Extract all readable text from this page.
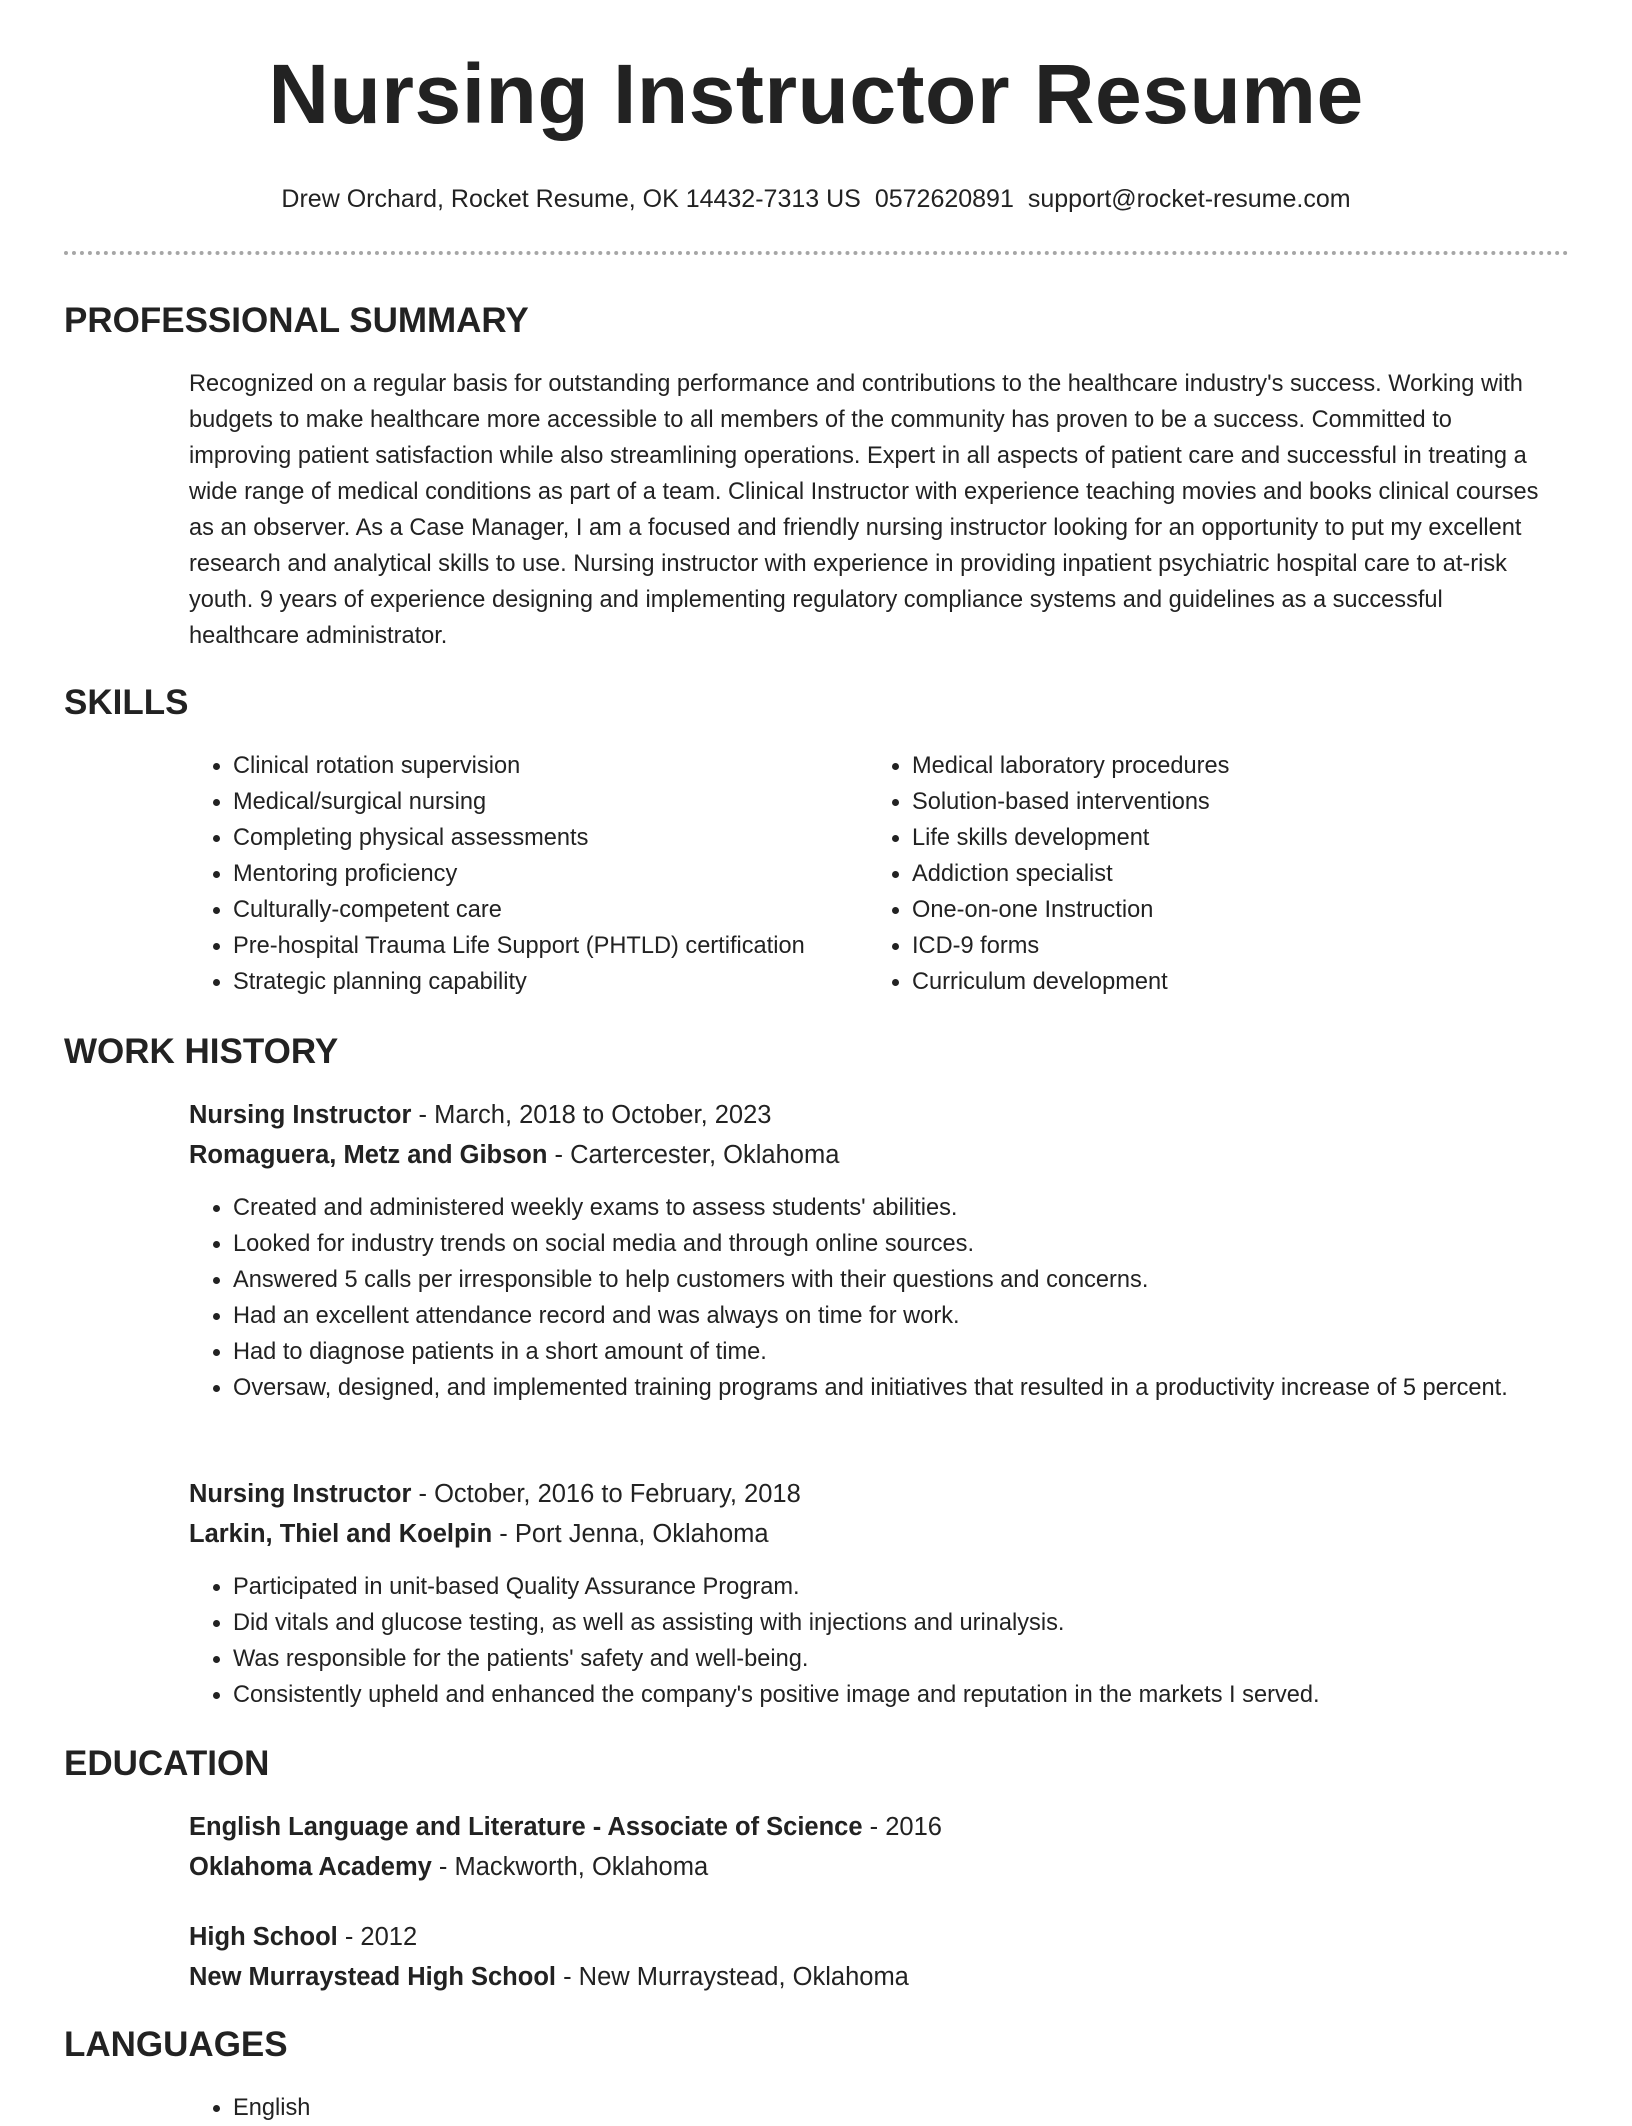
Nursing Instructor Resume
Drew Orchard, Rocket Resume, OK 14432-7313 US 0572620891 support@rocket-resume.com
PROFESSIONAL SUMMARY

Recognized on a regular basis for outstanding performance and contributions to the healthcare industry's success. Working with budgets to make healthcare more accessible to all members of the community has proven to be a success. Committed to improving patient satisfaction while also streamlining operations. Expert in all aspects of patient care and successful in treating a wide range of medical conditions as part of a team. Clinical Instructor with experience teaching movies and books clinical courses as an observer. As a Case Manager, I am a focused and friendly nursing instructor looking for an opportunity to put my excellent research and analytical skills to use. Nursing instructor with experience in providing inpatient psychiatric hospital care to at-risk youth. 9 years of experience designing and implementing regulatory compliance systems and guidelines as a successful healthcare administrator.

SKILLS
• Clinical rotation supervision
• Medical/surgical nursing
• Completing physical assessments
• Mentoring proficiency
• Culturally-competent care
• Pre-hospital Trauma Life Support (PHTLD) certification
• Strategic planning capability
• Medical laboratory procedures
• Solution-based interventions
• Life skills development
• Addiction specialist
• One-on-one Instruction
• ICD-9 forms
• Curriculum development
WORK HISTORY
Nursing Instructor - March, 2018 to October, 2023
Romaguera, Metz and Gibson - Cartercester, Oklahoma
• Created and administered weekly exams to assess students' abilities.
• Looked for industry trends on social media and through online sources.
• Answered 5 calls per irresponsible to help customers with their questions and concerns.
• Had an excellent attendance record and was always on time for work.
• Had to diagnose patients in a short amount of time.
• Oversaw, designed, and implemented training programs and initiatives that resulted in a productivity increase of 5 percent.
Nursing Instructor - October, 2016 to February, 2018
Larkin, Thiel and Koelpin - Port Jenna, Oklahoma
• Participated in unit-based Quality Assurance Program.
• Did vitals and glucose testing, as well as assisting with injections and urinalysis.
• Was responsible for the patients' safety and well-being.
• Consistently upheld and enhanced the company's positive image and reputation in the markets I served.
EDUCATION
English Language and Literature - Associate of Science - 2016
Oklahoma Academy - Mackworth, Oklahoma
High School - 2012
New Murraystead High School - New Murraystead, Oklahoma
LANGUAGES
• English
